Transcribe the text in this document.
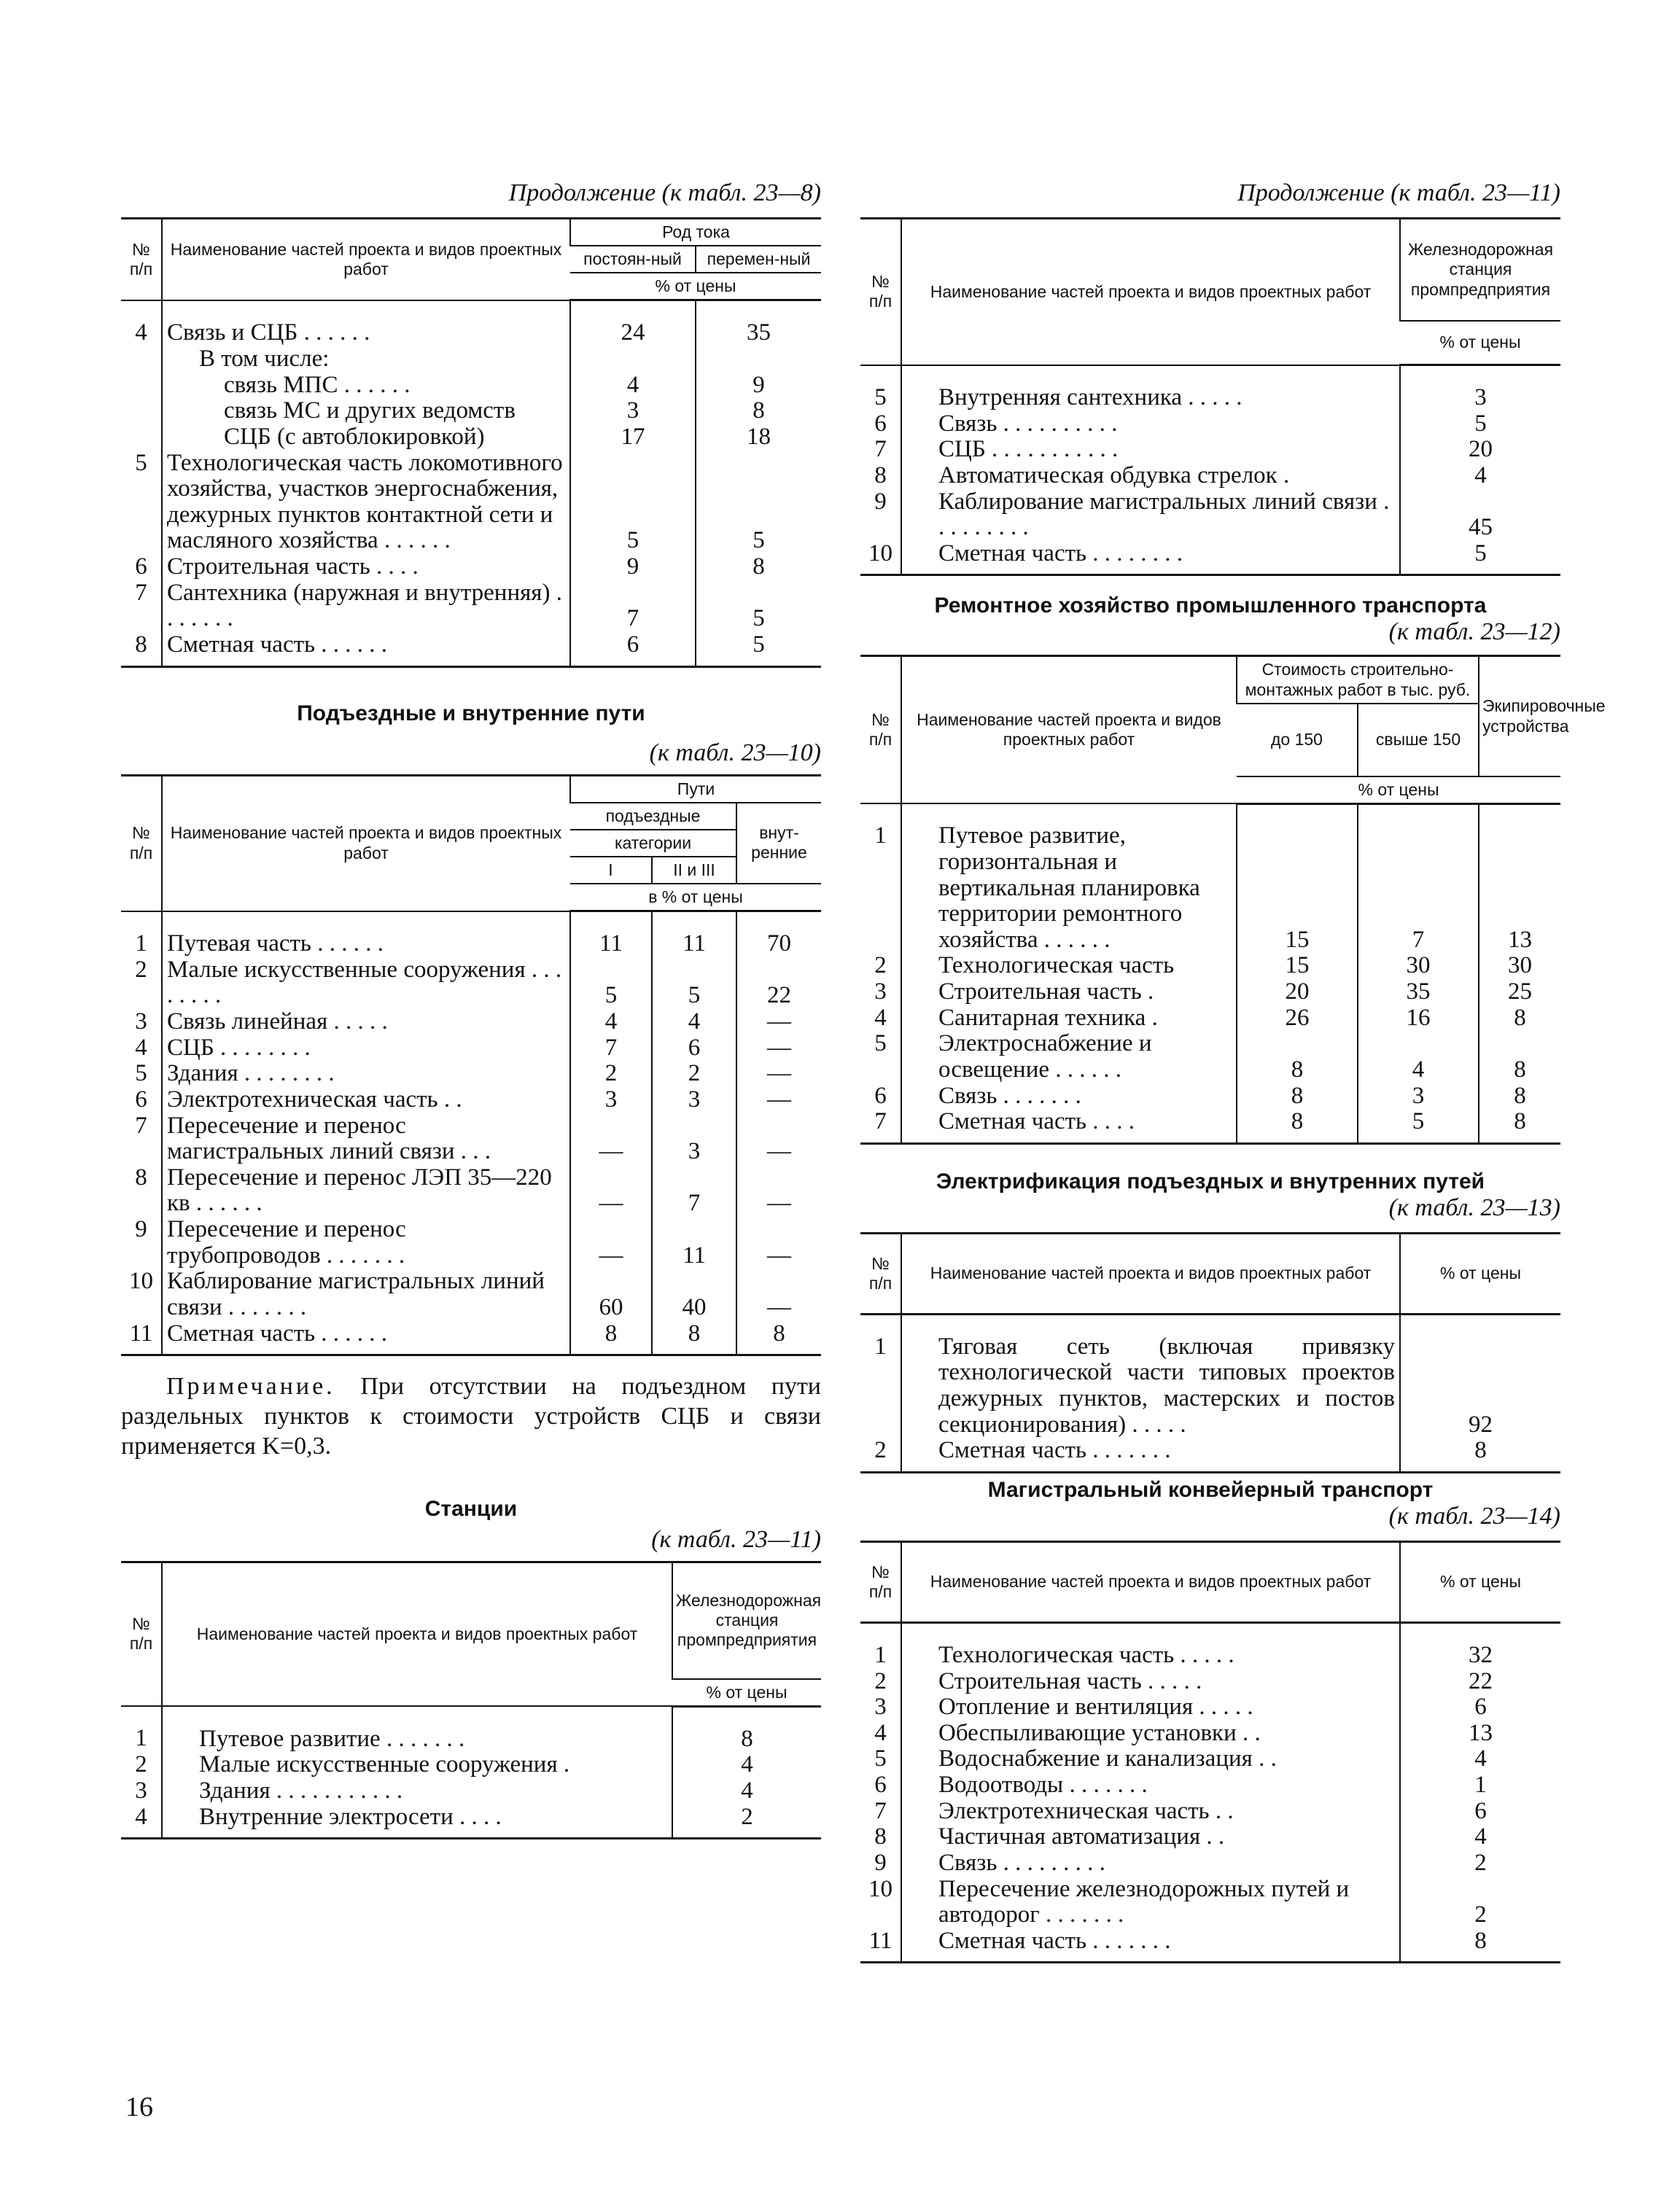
Продолжение (к табл. 23—8)
№ п/п	Наименование частей проекта и видов проектных работ	Род тока	
		постоян-ный	перемен-ный
		% от цены	
4	Связь и СЦБ . . . . . .	24	35
	В том числе:		
	связь МПС . . . . . .	4	9
	связь МС и других ведомств	3	8
	СЦБ (с автоблокировкой)	17	18
5	Технологическая часть локомотивного хозяйства, участков энергоснабжения, дежурных пунктов контактной сети и масляного хозяйства . . . . . .	5	5
6	Строительная часть . . . .	9	8
7	Сантехника (наружная и внутренняя) . . . . . . .	7	5
8	Сметная часть . . . . . .	6	5
Подъездные и внутренние пути
(к табл. 23—10)
№ п/п	Наименование частей проекта и видов проектных работ	Пути		
		подъездные		внут-ренние
		категории		
		I	II и III	
		в % от цены		
1	Путевая часть . . . . . .	11	11	70
2	Малые искусственные сооружения . . . . . . . .	5	5	22
3	Связь линейная . . . . .	4	4	—
4	СЦБ . . . . . . . .	7	6	—
5	Здания . . . . . . . .	2	2	—
6	Электротехническая часть . .	3	3	—
7	Пересечение и перенос магистральных линий связи . . .	—	3	—
8	Пересечение и перенос ЛЭП 35—220 кв . . . . . .	—	7	—
9	Пересечение и перенос трубопроводов . . . . . . .	—	11	—
10	Каблирование магистральных линий связи . . . . . . .	60	40	—
11	Сметная часть . . . . . .	8	8	8
Примечание. При отсутствии на подъездном пути раздельных пунктов к стоимости устройств СЦБ и связи применяется K=0,3.
Станции
(к табл. 23—11)
№ п/п	Наименование частей проекта и видов проектных работ	Железнодорожная станция промпредприятия
		% от цены
1	Путевое развитие . . . . . . .	8
2	Малые искусственные сооружения .	4
3	Здания . . . . . . . . . . .	4
4	Внутренние электросети . . . .	2
Продолжение (к табл. 23—11)
№ п/п	Наименование частей проекта и видов проектных работ	Железнодорожная станция промпредприятия
		% от цены
5	Внутренняя сантехника . . . . .	3
6	Связь . . . . . . . . . .	5
7	СЦБ . . . . . . . . . . .	20
8	Автоматическая обдувка стрелок .	4
9	Каблирование магистральных линий связи . . . . . . . . .	45
10	Сметная часть . . . . . . . .	5
Ремонтное хозяйство промышленного транспорта
(к табл. 23—12)
№ п/п	Наименование частей проекта и видов проектных работ	Стоимость строительно-монтажных работ в тыс. руб.		Экипировочные устройства
		до 150	свыше 150	
		% от цены		
1	Путевое развитие, горизонтальная и вертикальная планировка территории ремонтного хозяйства . . . . . .	15	7	13
2	Технологическая часть	15	30	30
3	Строительная часть .	20	35	25
4	Санитарная техника .	26	16	8
5	Электроснабжение и освещение . . . . . .	8	4	8
6	Связь . . . . . . .	8	3	8
7	Сметная часть . . . .	8	5	8
Электрификация подъездных и внутренних путей
(к табл. 23—13)
№ п/п	Наименование частей проекта и видов проектных работ	% от цены
1	Тяговая сеть (включая привязку технологической части типовых проектов дежурных пунктов, мастерских и постов секционирования) . . . . .	92
2	Сметная часть . . . . . . .	8
Магистральный конвейерный транспорт
(к табл. 23—14)
№ п/п	Наименование частей проекта и видов проектных работ	% от цены
1	Технологическая часть . . . . .	32
2	Строительная часть . . . . .	22
3	Отопление и вентиляция . . . . .	6
4	Обеспыливающие установки . .	13
5	Водоснабжение и канализация . .	4
6	Водоотводы . . . . . . .	1
7	Электротехническая часть . .	6
8	Частичная автоматизация . .	4
9	Связь . . . . . . . . .	2
10	Пересечение железнодорожных путей и автодорог . . . . . . .	2
11	Сметная часть . . . . . . .	8
16
